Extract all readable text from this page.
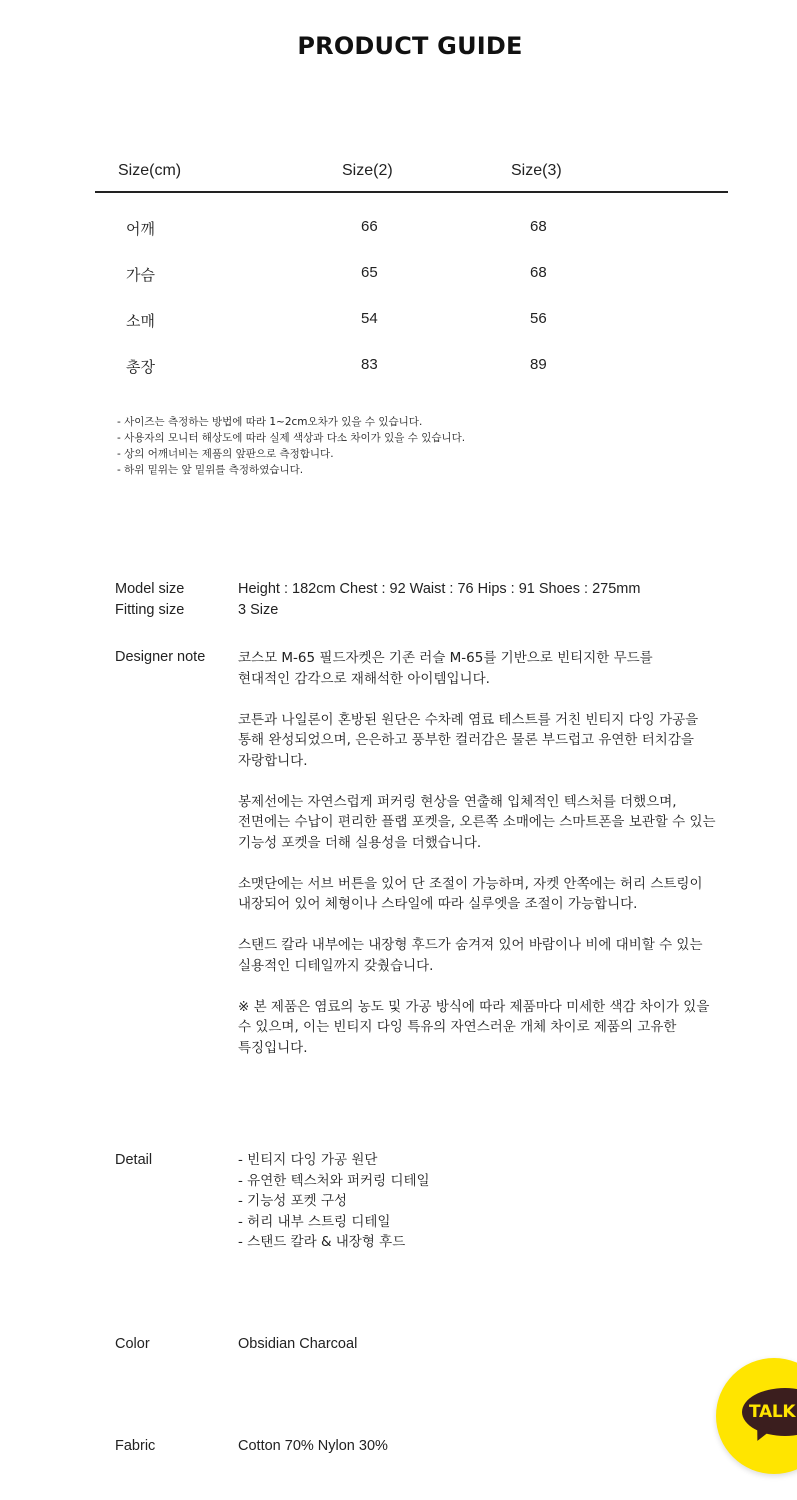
PRODUCT GUIDE
Size(cm)	Size(2)	Size(3)
어깨	66	68
가슴	65	68
소매	54	56
총장	83	89
- 사이즈는 측정하는 방법에 따라 1~2cm오차가 있을 수 있습니다.
- 사용자의 모니터 해상도에 따라 실제 색상과 다소 차이가 있을 수 있습니다.
- 상의 어깨너비는 제품의 앞판으로 측정합니다.
- 하위 밑위는 앞 밑위를 측정하였습니다.
Model size	Height : 182cm Chest : 92 Waist : 76 Hips : 91 Shoes : 275mm
Fitting size	3 Size
Designer note 코스모 M-65 필드자켓은 기존 러슬 M-65를 기반으로 빈티지한 무드를
현대적인 감각으로 재해석한 아이템입니다.

코튼과 나일론이 혼방된 원단은 수차례 염료 테스트를 거친 빈티지 다잉 가공을
통해 완성되었으며, 은은하고 풍부한 컬러감은 물론 부드럽고 유연한 터치감을
자랑합니다.

봉제선에는 자연스럽게 퍼커링 현상을 연출해 입체적인 텍스처를 더했으며,
전면에는 수납이 편리한 플랩 포켓을, 오른쪽 소매에는 스마트폰을 보관할 수 있는
기능성 포켓을 더해 실용성을 더했습니다.

소맷단에는 서브 버튼을 있어 단 조절이 가능하며, 자켓 안쪽에는 허리 스트링이
내장되어 있어 체형이나 스타일에 따라 실루엣을 조절이 가능합니다.

스탠드 칼라 내부에는 내장형 후드가 숨겨져 있어 바람이나 비에 대비할 수 있는
실용적인 디테일까지 갖췄습니다.

※ 본 제품은 염료의 농도 및 가공 방식에 따라 제품마다 미세한 색감 차이가 있을
수 있으며, 이는 빈티지 다잉 특유의 자연스러운 개체 차이로 제품의 고유한
특징입니다.

Detail	- 빈티지 다잉 가공 원단
- 유연한 텍스처와 퍼커링 디테일
- 기능성 포켓 구성
- 허리 내부 스트링 디테일
- 스탠드 칼라 & 내장형 후드
Color	Obsidian Charcoal
Fabric	Cotton 70% Nylon 30%
TALK
